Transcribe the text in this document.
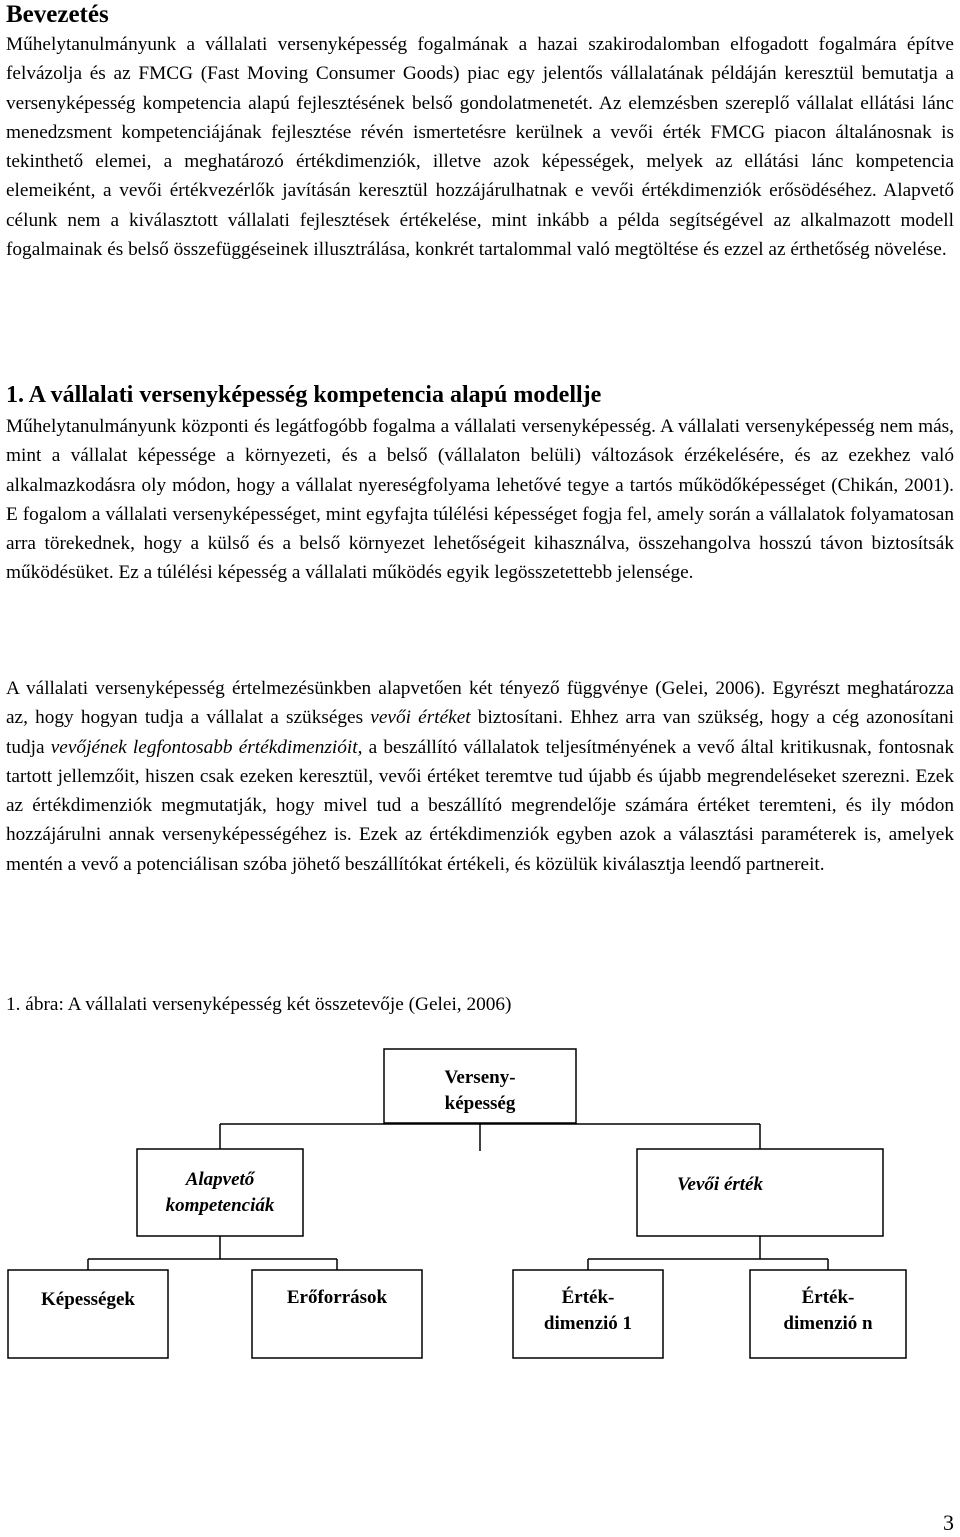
Bevezetés
Műhelytanulmányunk a vállalati versenyképesség fogalmának a hazai szakirodalomban elfogadott fogalmára építve felvázolja és az FMCG (Fast Moving Consumer Goods) piac egy jelentős vállalatának példáján keresztül bemutatja a versenyképesség kompetencia alapú fejlesztésének belső gondolatmenetét. Az elemzésben szereplő vállalat ellátási lánc menedzsment kompetenciájának fejlesztése révén ismertetésre kerülnek a vevői érték FMCG piacon általánosnak is tekinthető elemei, a meghatározó értékdimenziók, illetve azok képességek, melyek az ellátási lánc kompetencia elemeiként, a vevői értékvezérlők javításán keresztül hozzájárulhatnak e vevői értékdimenziók erősödéséhez. Alapvető célunk nem a kiválasztott vállalati fejlesztések értékelése, mint inkább a példa segítségével az alkalmazott modell fogalmainak és belső összefüggéseinek illusztrálása, konkrét tartalommal való megtöltése és ezzel az érthetőség növelése.
1. A vállalati versenyképesség kompetencia alapú modellje
Műhelytanulmányunk központi és legátfogóbb fogalma a vállalati versenyképesség. A vállalati versenyképesség nem más, mint a vállalat képessége a környezeti, és a belső (vállalaton belüli) változások érzékelésére, és az ezekhez való alkalmazkodásra oly módon, hogy a vállalat nyereségfolyama lehetővé tegye a tartós működőképességet (Chikán, 2001). E fogalom a vállalati versenyképességet, mint egyfajta túlélési képességet fogja fel, amely során a vállalatok folyamatosan arra törekednek, hogy a külső és a belső környezet lehetőségeit kihasználva, összehangolva hosszú távon biztosítsák működésüket. Ez a túlélési képesség a vállalati működés egyik legösszetettebb jelensége.
A vállalati versenyképesség értelmezésünkben alapvetően két tényező függvénye (Gelei, 2006). Egyrészt meghatározza az, hogy hogyan tudja a vállalat a szükséges vevői értéket biztosítani. Ehhez arra van szükség, hogy a cég azonosítani tudja vevőjének legfontosabb értékdimenzióit, a beszállító vállalatok teljesítményének a vevő által kritikusnak, fontosnak tartott jellemzőit, hiszen csak ezeken keresztül, vevői értéket teremtve tud újabb és újabb megrendeléseket szerezni. Ezek az értékdimenziók megmutatják, hogy mivel tud a beszállító megrendelője számára értéket teremteni, és ily módon hozzájárulni annak versenyképességéhez is. Ezek az értékdimenziók egyben azok a választási paraméterek is, amelyek mentén a vevő a potenciálisan szóba jöhető beszállítókat értékeli, és közülük kiválasztja leendő partnereit.
1. ábra: A vállalati versenyképesség két összetevője (Gelei, 2006)
Verseny-
képesség
Alapvető
kompetenciák
Vevői érték
Képességek	Erőforrások	Érték-
dimenzió 1
Érték-
dimenzió n
3
